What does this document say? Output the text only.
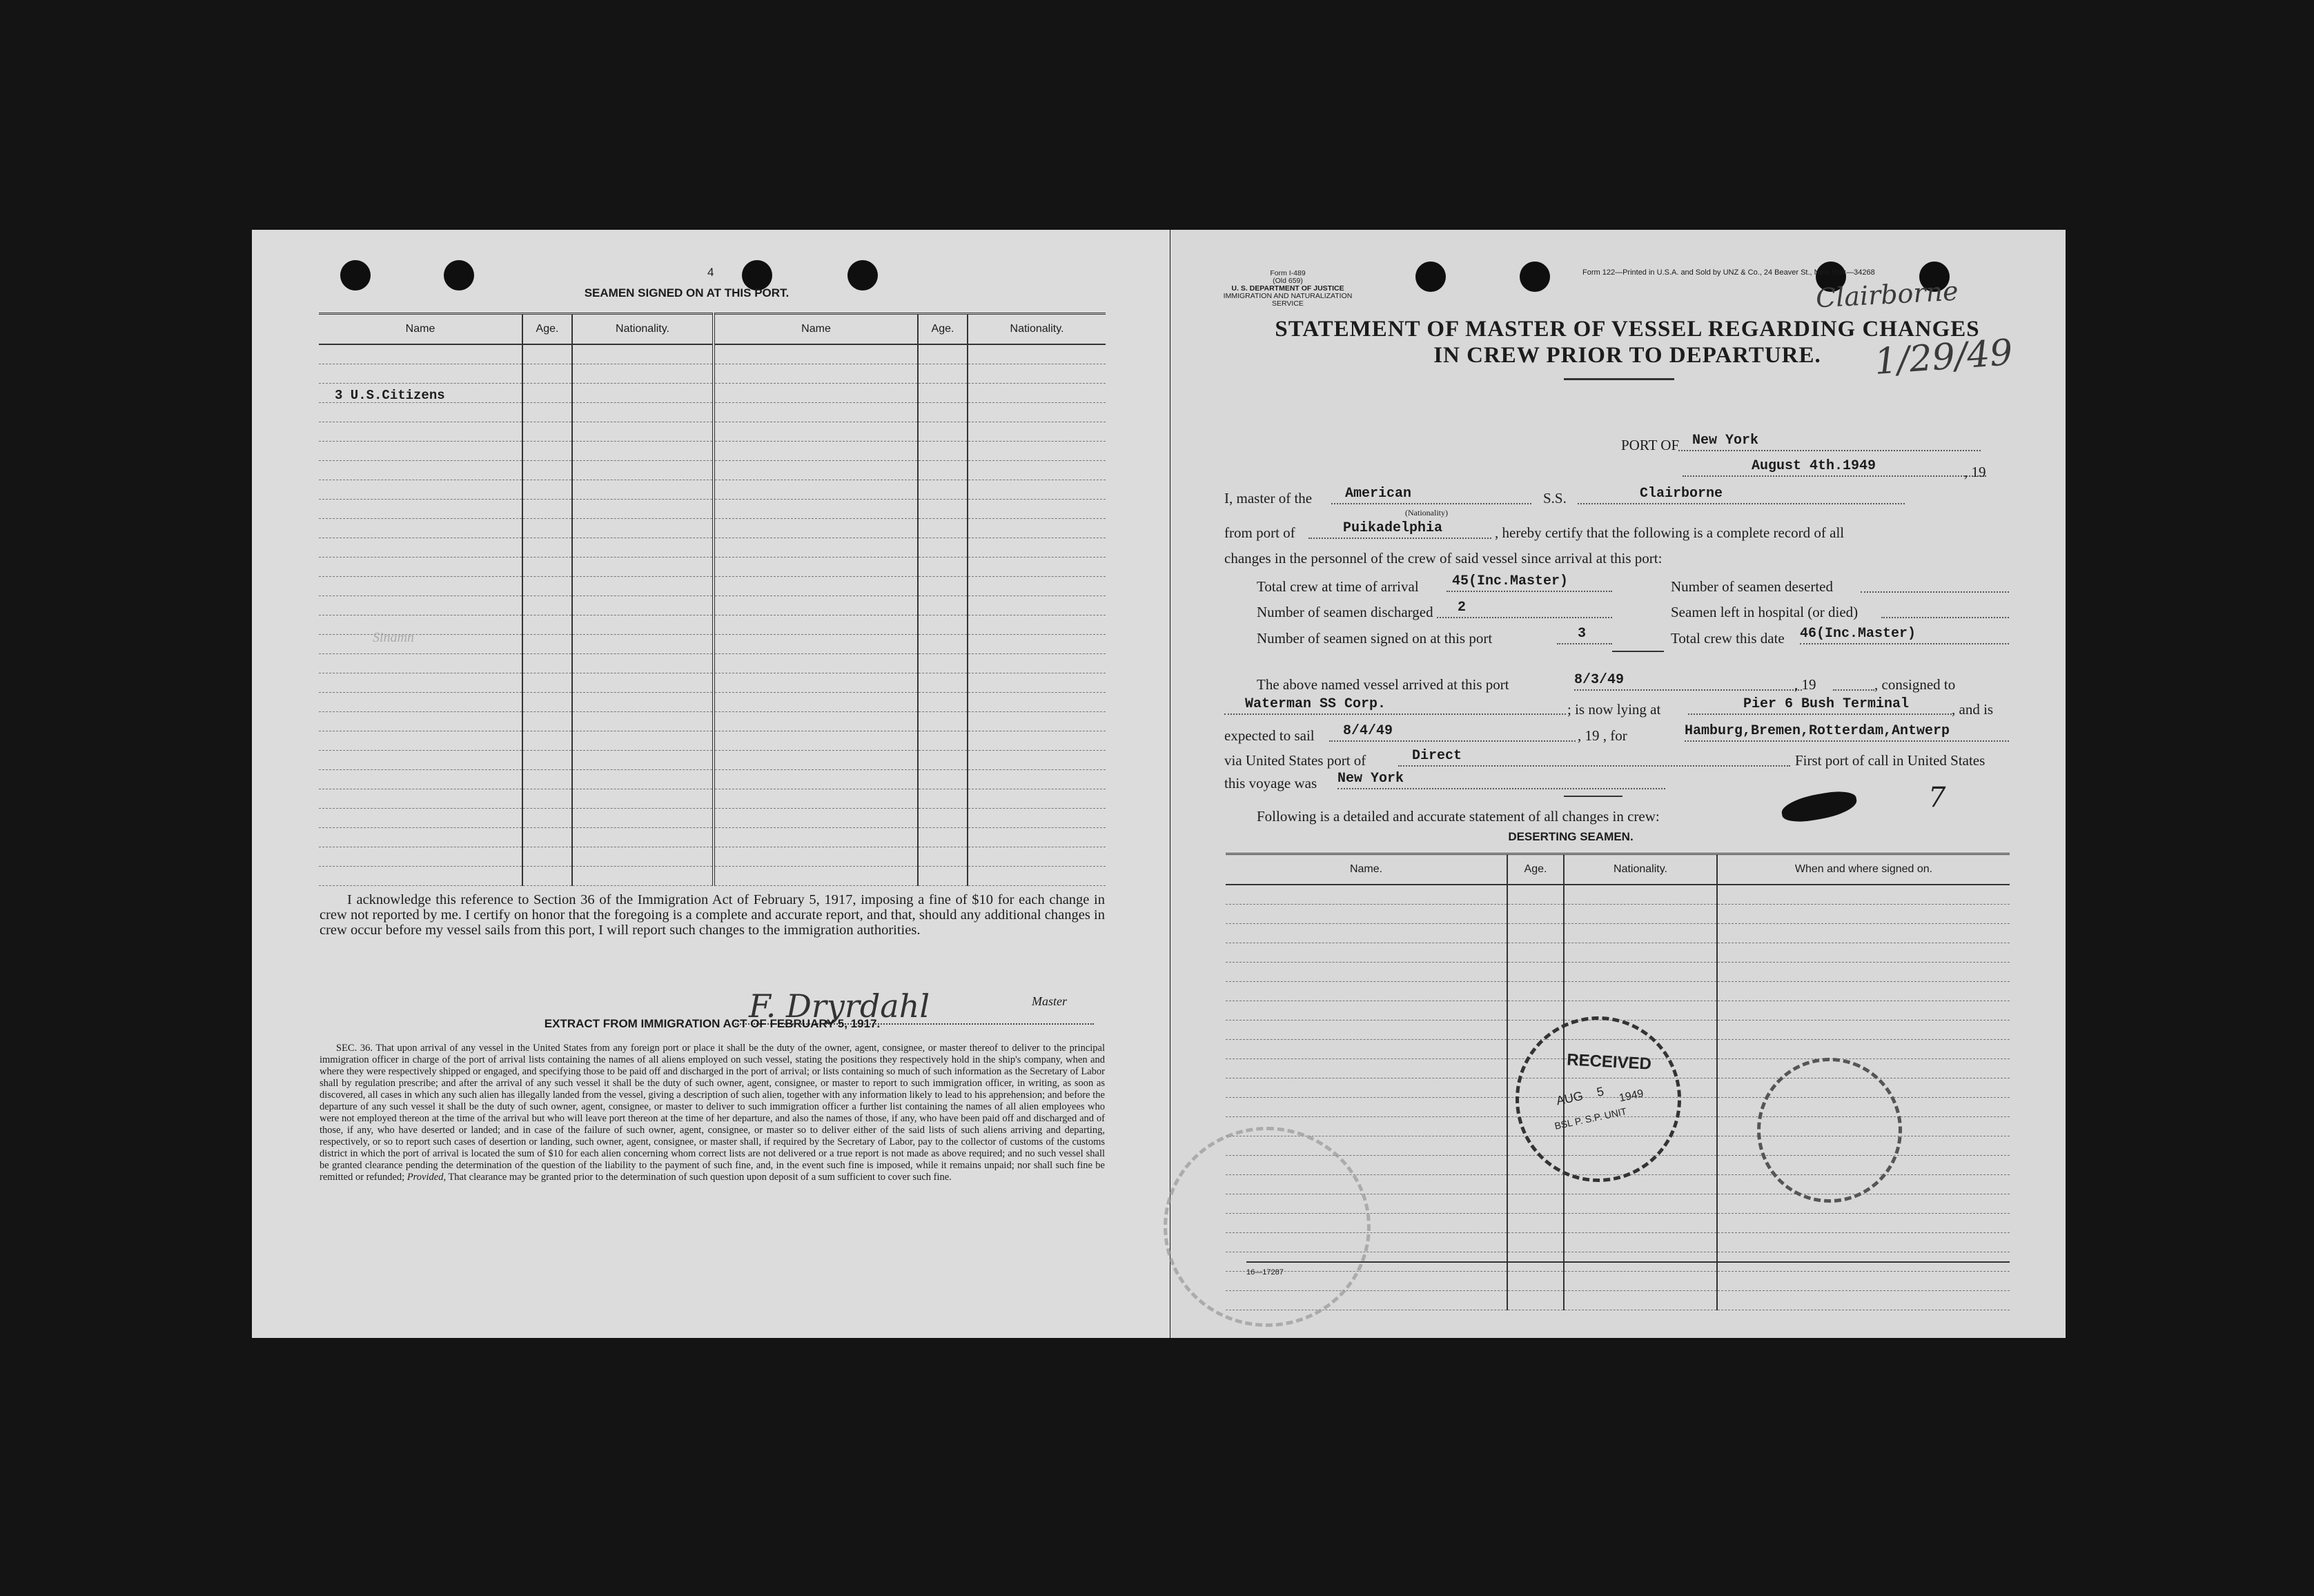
4
SEAMEN SIGNED ON AT THIS PORT.
Name	Age.	Nationality.	Name	Age.	Nationality.

3 U.S.Citizens
Sinamn
I acknowledge this reference to Section 36 of the Immigration Act of February 5, 1917, imposing a fine of $10 for each change in crew not reported by me. I certify on honor that the foregoing is a complete and accurate report, and that, should any additional changes in crew occur before my vessel sails from this port, I will report such changes to the immigration authorities.
F. Dryrdahl	Master
EXTRACT FROM IMMIGRATION ACT OF FEBRUARY 5, 1917.
SEC. 36. That upon arrival of any vessel in the United States from any foreign port or place it shall be the duty of the owner, agent, consignee, or master thereof to deliver to the principal immigration officer in charge of the port of arrival lists containing the names of all aliens employed on such vessel, stating the positions they respectively hold in the ship's company, when and where they were respectively shipped or engaged, and specifying those to be paid off and discharged in the port of arrival; or lists containing so much of such information as the Secretary of Labor shall by regulation prescribe; and after the arrival of any such vessel it shall be the duty of such owner, agent, consignee, or master to report to such immigration officer, in writing, as soon as discovered, all cases in which any such alien has illegally landed from the vessel, giving a description of such alien, together with any information likely to lead to his apprehension; and before the departure of any such vessel it shall be the duty of such owner, agent, consignee, or master to deliver to such immigration officer a further list containing the names of all alien employees who were not employed thereon at the time of the arrival but who will leave port thereon at the time of her departure, and also the names of those, if any, who have been paid off and discharged and of those, if any, who have deserted or landed; and in case of the failure of such owner, agent, consignee, or master so to deliver either of the said lists of such aliens arriving and departing, respectively, or so to report such cases of desertion or landing, such owner, agent, consignee, or master shall, if required by the Secretary of Labor, pay to the collector of customs of the customs district in which the port of arrival is located the sum of $10 for each alien concerning whom correct lists are not delivered or a true report is not made as above required; and no such vessel shall be granted clearance pending the determination of the question of the liability to the payment of such fine, and, in the event such fine is imposed, while it remains unpaid; nor shall such fine be remitted or refunded; Provided, That clearance may be granted prior to the determination of such question upon deposit of a sum sufficient to cover such fine.
Form I-489
(Old 659)
U. S. DEPARTMENT OF JUSTICE
IMMIGRATION AND NATURALIZATION SERVICE
Form 122—Printed in U.S.A. and Sold by UNZ & Co., 24 Beaver St., New York—34268
Clairborne
1/29/49
STATEMENT OF MASTER OF VESSEL REGARDING CHANGES
IN CREW PRIOR TO DEPARTURE.
PORT OF New York
August 4th.1949	, 19
I, master of the American
(Nationality)
S.S.	Clairborne
from port of	Puikadelphia	, hereby certify that the following is a complete record of all
changes in the personnel of the crew of said vessel since arrival at this port:
Total crew at time of arrival 45(Inc.Master)	Number of seamen deserted
Number of seamen discharged 2	Seamen left in hospital (or died)
Number of seamen signed on at this port	3	Total crew this date 46(Inc.Master)
The above named vessel arrived at this port	8/3/49	, 19	, consigned to
Waterman SS Corp.	; is now lying at	Pier 6 Bush Terminal	, and is
expected to sail 8/4/49	, 19 , for	Hamburg,Bremen,Rotterdam,Antwerp
via United States port of	Direct	First port of call in United States
this voyage was New York
Following is a detailed and accurate statement of all changes in crew:
7
DESERTING SEAMEN.
Name.	Age.	Nationality.	When and where signed on.

16—17287
RECEIVED
AUG 5 1949
BSL P. S.P. UNIT
